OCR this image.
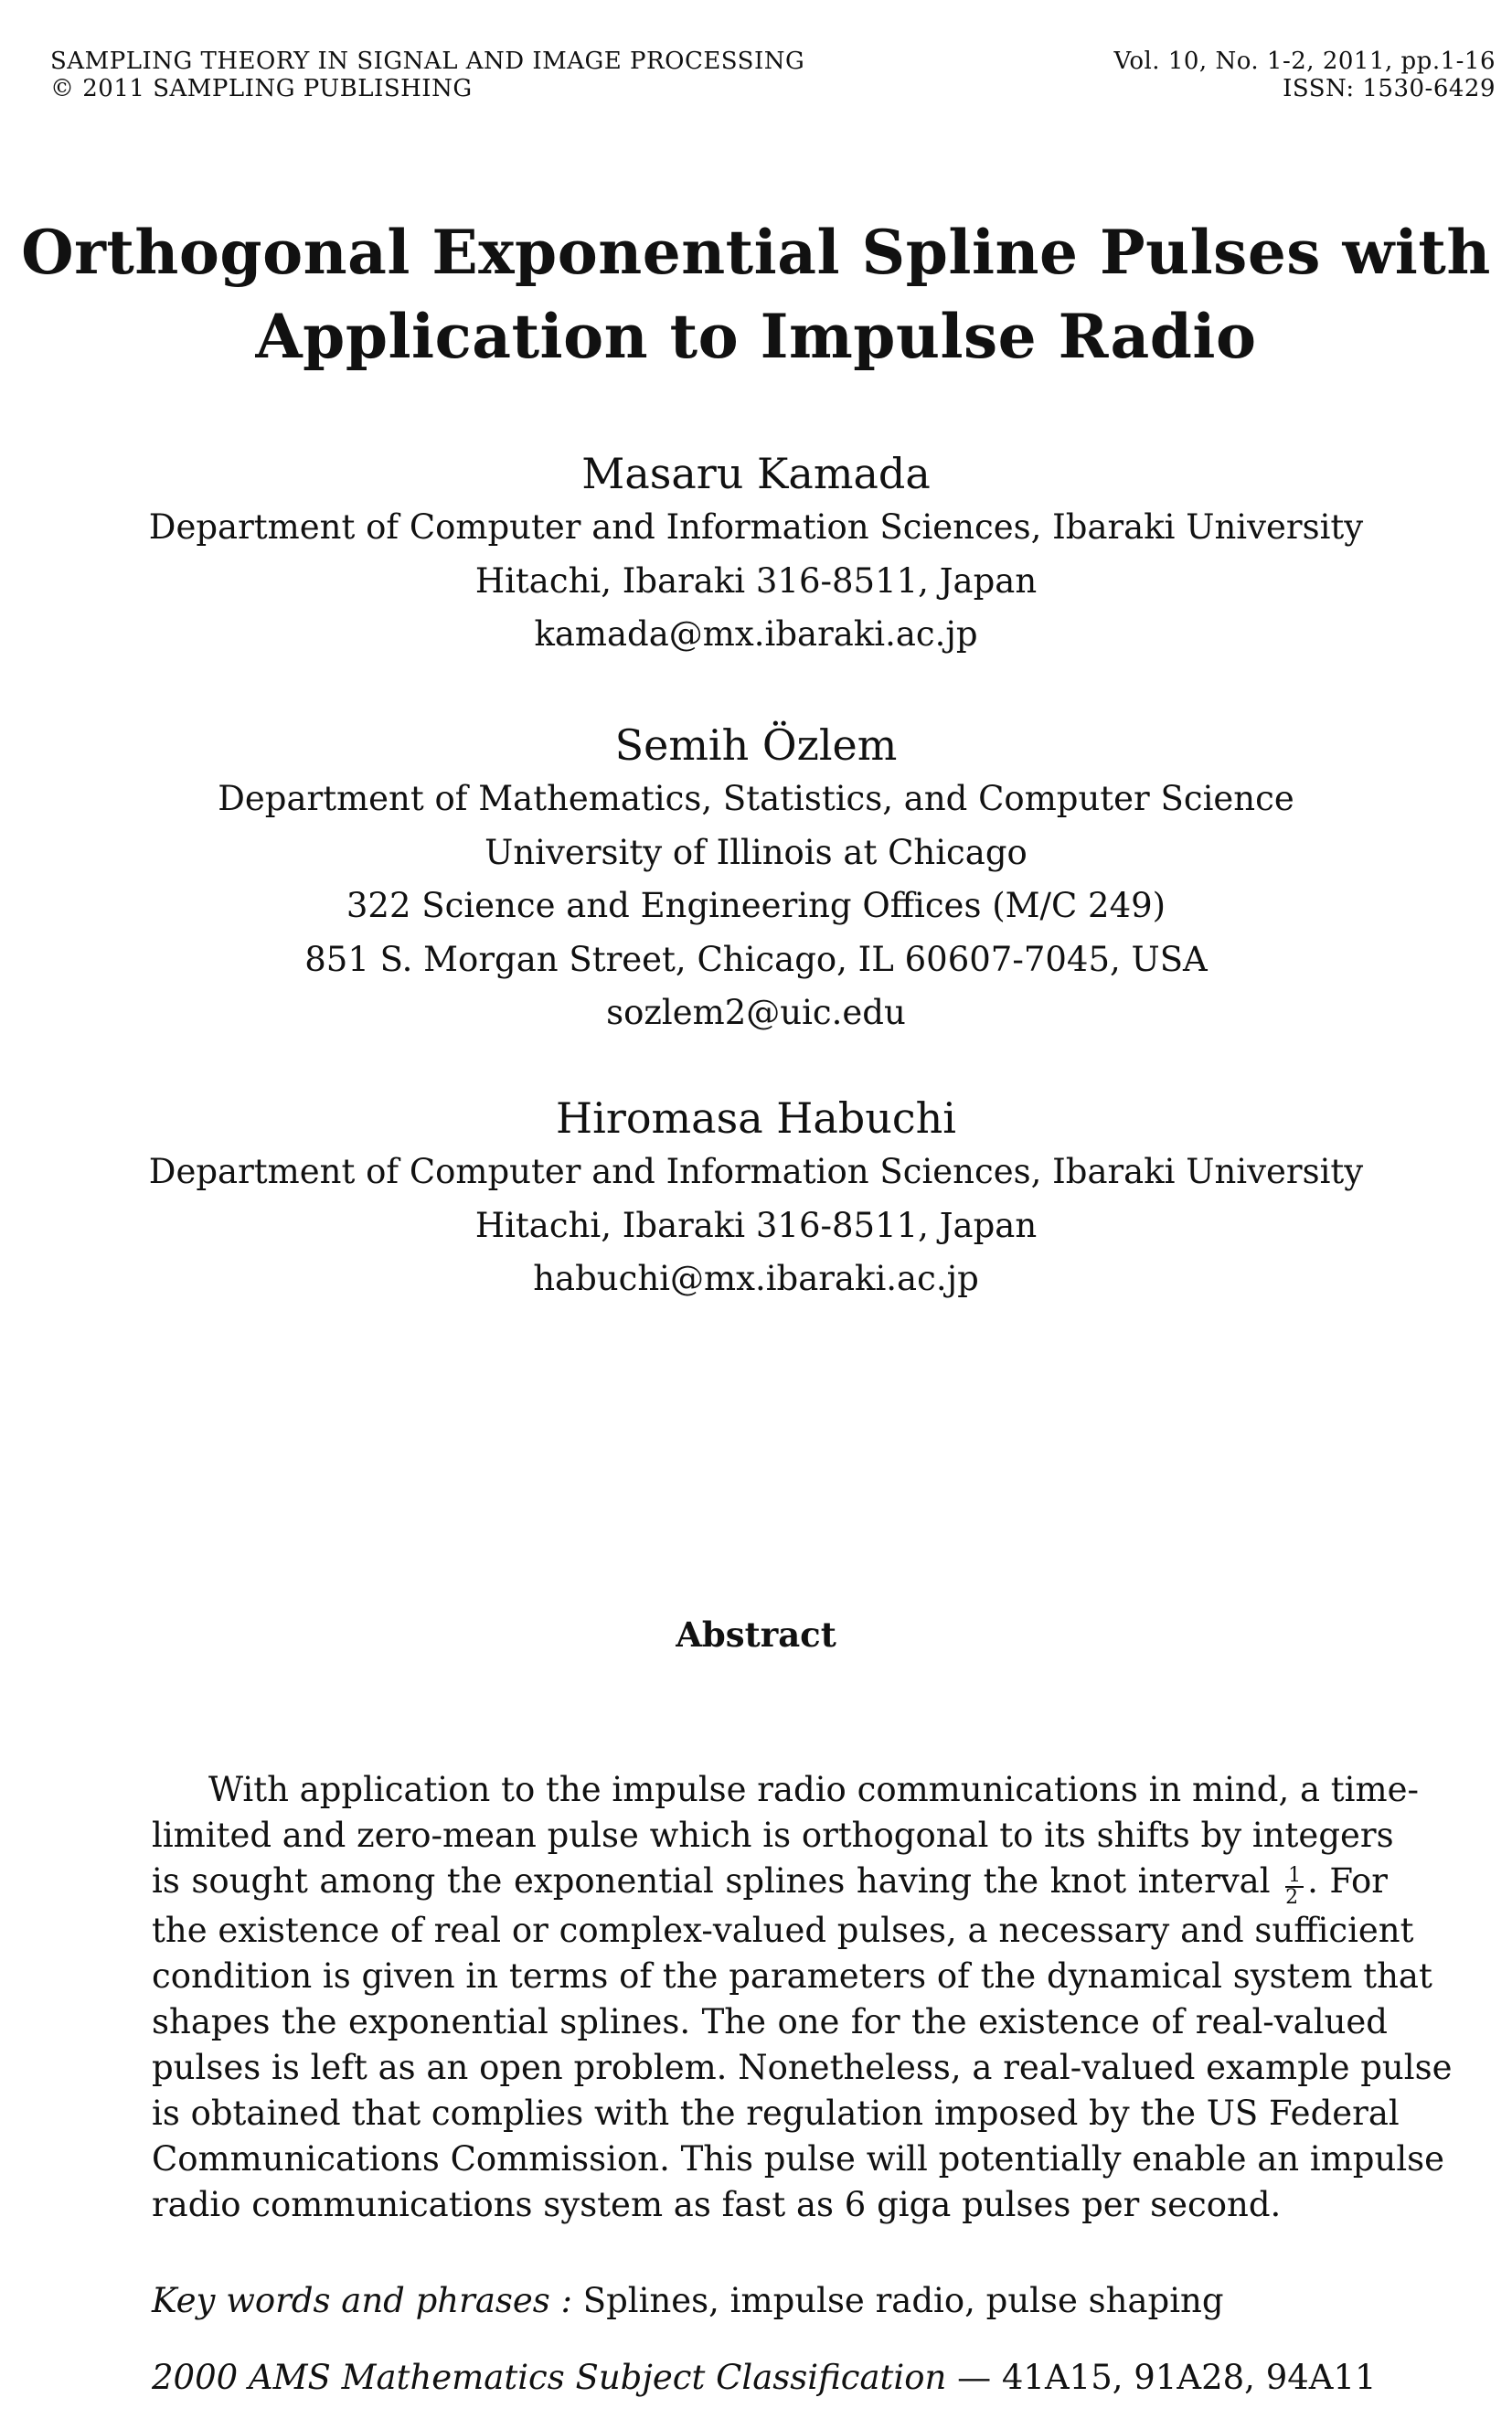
SAMPLING THEORY IN SIGNAL AND IMAGE PROCESSING
© 2011 SAMPLING PUBLISHING
Vol. 10, No. 1-2, 2011, pp.1-16
ISSN: 1530-6429
Orthogonal Exponential Spline Pulses with
Application to Impulse Radio
Masaru Kamada
Department of Computer and Information Sciences, Ibaraki University
Hitachi, Ibaraki 316-8511, Japan
kamada@mx.ibaraki.ac.jp
Semih Özlem
Department of Mathematics, Statistics, and Computer Science
University of Illinois at Chicago
322 Science and Engineering Offices (M/C 249)
851 S. Morgan Street, Chicago, IL 60607-7045, USA
sozlem2@uic.edu
Hiromasa Habuchi
Department of Computer and Information Sciences, Ibaraki University
Hitachi, Ibaraki 316-8511, Japan
habuchi@mx.ibaraki.ac.jp
Abstract
With application to the impulse radio communications in mind, a time-
limited and zero-mean pulse which is orthogonal to its shifts by integers
is sought among the exponential splines having the knot interval $\frac{1}{2}$ . For
the existence of real or complex-valued pulses, a necessary and sufficient
condition is given in terms of the parameters of the dynamical system that
shapes the exponential splines. The one for the existence of real-valued
pulses is left as an open problem. Nonetheless, a real-valued example pulse
is obtained that complies with the regulation imposed by the US Federal
Communications Commission. This pulse will potentially enable an impulse
radio communications system as fast as 6 giga pulses per second.
Key words and phrases : Splines, impulse radio, pulse shaping
2000 AMS Mathematics Subject Classification — 41A15, 91A28, 94A11
